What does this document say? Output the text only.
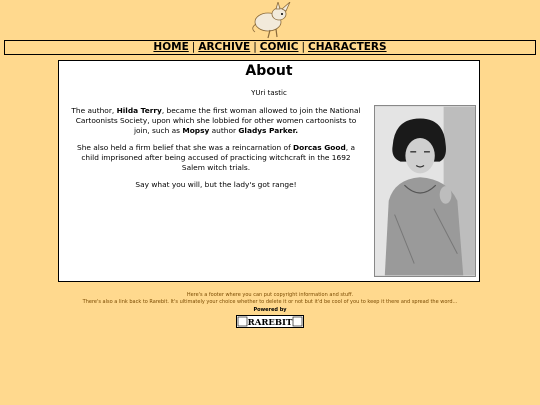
HOME | ARCHIVE | COMIC | CHARACTERS
About
YUri tastic

The author, Hilda Terry, became the first woman allowed to join the National Cartoonists Society, upon which she lobbied for other women cartoonists to join, such as Mopsy author Gladys Parker.

She also held a firm belief that she was a reincarnation of Dorcas Good, a child imprisoned after being accused of practicing witchcraft in the 1692 Salem witch trials.

Say what you will, but the lady's got range!

Here's a footer where you can put copyright information and stuff.
There's also a link back to Rarebit. It's ultimately your choice whether to delete it or not but it'd be cool of you to keep it there and spread the word...
Powered by
RAREBIT
